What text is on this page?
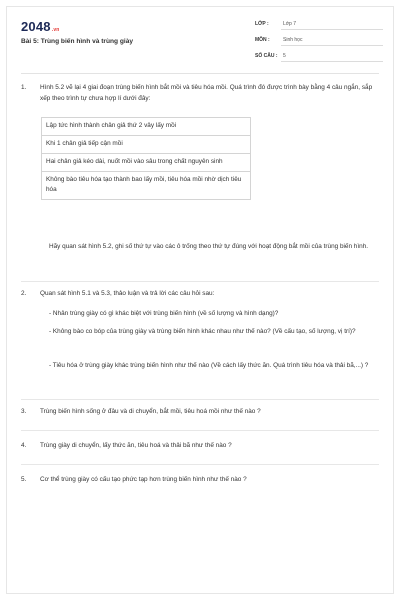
2048.vn
Bài 5: Trùng biến hình và trùng giày
LỚP :	Lớp 7
MÔN :	Sinh học
SỐ CÂU : 5
1. Hình 5.2 vẽ lại 4 giai đoạn trùng biến hình bắt mồi và tiêu hóa mồi. Quá trình đó được trình bày bằng 4 câu ngắn, sắp xếp theo trình tự chưa hợp lí dưới đây:
Lập tức hình thành chân giả thứ 2 vây lấy mồi
Khi 1 chân giả tiếp cận mồi
Hai chân giả kéo dài, nuốt mồi vào sâu trong chất nguyên sinh
Không bào tiêu hóa tạo thành bao lấy mồi, tiêu hóa mồi nhờ dịch tiêu hóa
Hãy quan sát hình 5.2, ghi số thứ tự vào các ô trống theo thứ tự đúng với hoạt động bắt mồi của trùng biến hình.
2. Quan sát hình 5.1 và 5.3, thảo luận và trả lời các câu hỏi sau:
- Nhân trùng giày có gì khác biệt với trùng biến hình (về số lượng và hình dạng)?
- Không bào co bóp của trùng giày và trùng biến hình khác nhau như thế nào? (Về cấu tạo, số lượng, vị trí)?
- Tiêu hóa ở trùng giày khác trùng biến hình như thế nào (Về cách lấy thức ăn. Quá trình tiêu hóa và thải bã,...) ?
3. Trùng biến hình sống ở đâu và di chuyển, bắt mồi, tiêu hoá mồi như thế nào ?
4. Trùng giày di chuyển, lấy thức ăn, tiêu hoá và thải bã như thế nào ?
5. Cơ thể trùng giày có cấu tạo phức tạp hơn trùng biến hình như thế nào ?
